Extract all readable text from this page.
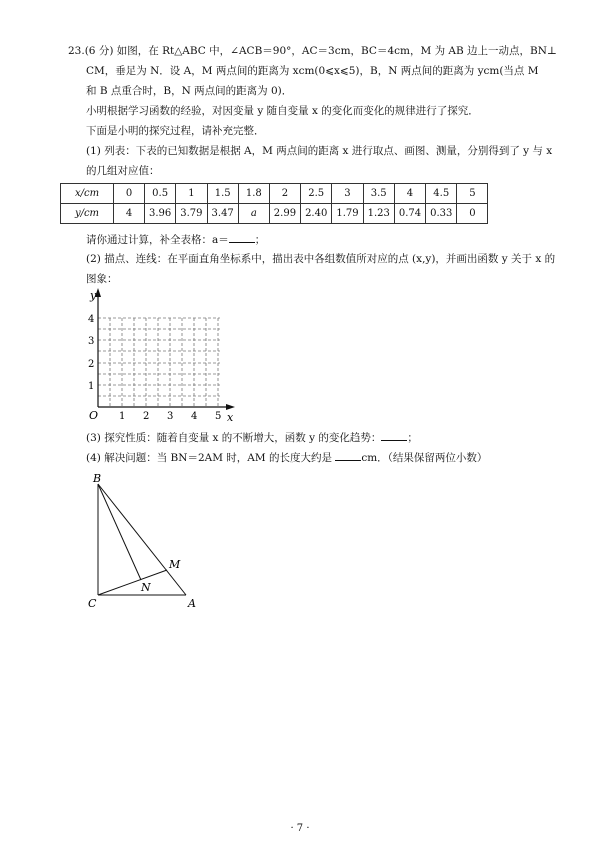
23.(6 分) 如图，在 Rt△ABC 中，∠ACB＝90°，AC＝3cm，BC＝4cm，M 为 AB 边上一动点，BN⊥
CM，垂足为 N．设 A，M 两点间的距离为 xcm(0⩽x⩽5)，B，N 两点间的距离为 ycm(当点 M
和 B 点重合时，B，N 两点间的距离为 0)．
小明根据学习函数的经验，对因变量 y 随自变量 x 的变化而变化的规律进行了探究．
下面是小明的探究过程，请补充完整．
(1) 列表：下表的已知数据是根据 A，M 两点间的距离 x 进行取点、画图、测量，分别得到了 y 与 x
的几组对应值：
x/cm	0	0.5	1	1.5	1.8	2	2.5	3	3.5	4	4.5	5
y/cm	4	3.96	3.79	3.47	a	2.99	2.40	1.79	1.23	0.74	0.33	0
请你通过计算，补全表格：a＝ ；
(2) 描点、连线：在平面直角坐标系中，描出表中各组数值所对应的点 (x,y)，并画出函数 y 关于 x 的
图象：
y
x
O 1 2 3 4 5
1
2
3
4
(3) 探究性质：随着自变量 x 的不断增大，函数 y 的变化趋势： ；
(4) 解决问题：当 BN＝2AM 时，AM 的长度大约是	cm．（结果保留两位小数）
B
C	A
M
N
· 7 ·
